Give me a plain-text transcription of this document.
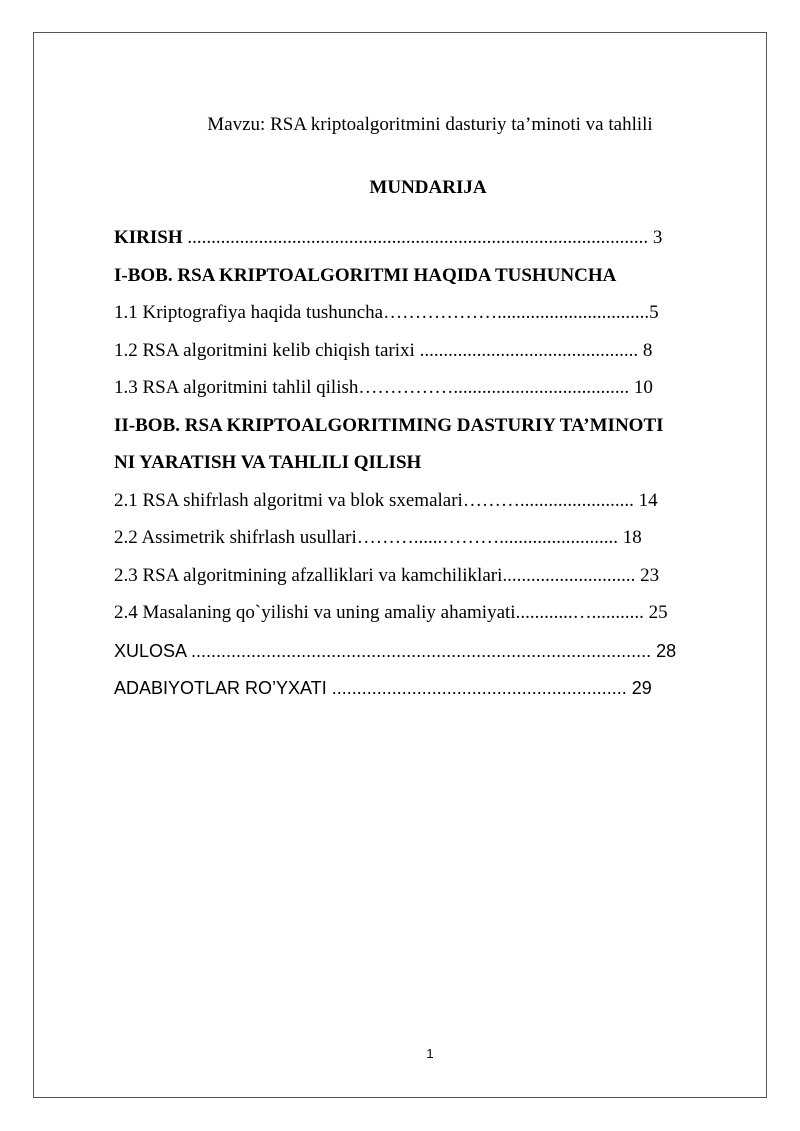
Mavzu: RSA kriptoalgoritmini dasturiy ta’minoti va tahlili
MUNDARIJA
KIRISH ................................................................................................. 3
I-BOB. RSA KRIPTOALGORITMI HAQIDA TUSHUNCHA
1.1 Kriptografiya haqida tushuncha………………................................5
1.2 RSA algoritmini kelib chiqish tarixi .............................................. 8
1.3 RSA algoritmini tahlil qilish……………..................................... 10
II-BOB. RSA KRIPTOALGORITIMING DASTURIY TA’MINOTI
NI YARATISH VA TAHLILI QILISH
2.1 RSA shifrlash algoritmi va blok sxemalari………........................ 14
2.2 Assimetrik shifrlash usullari………......………......................... 18
2.3 RSA algoritmining afzalliklari va kamchiliklari............................ 23
2.4 Masalaning qo`yilishi va uning amaliy ahamiyati............…........... 25
XULOSA ............................................................................................ 28
ADABIYOTLAR RO’YXATI ........................................................... 29
1
